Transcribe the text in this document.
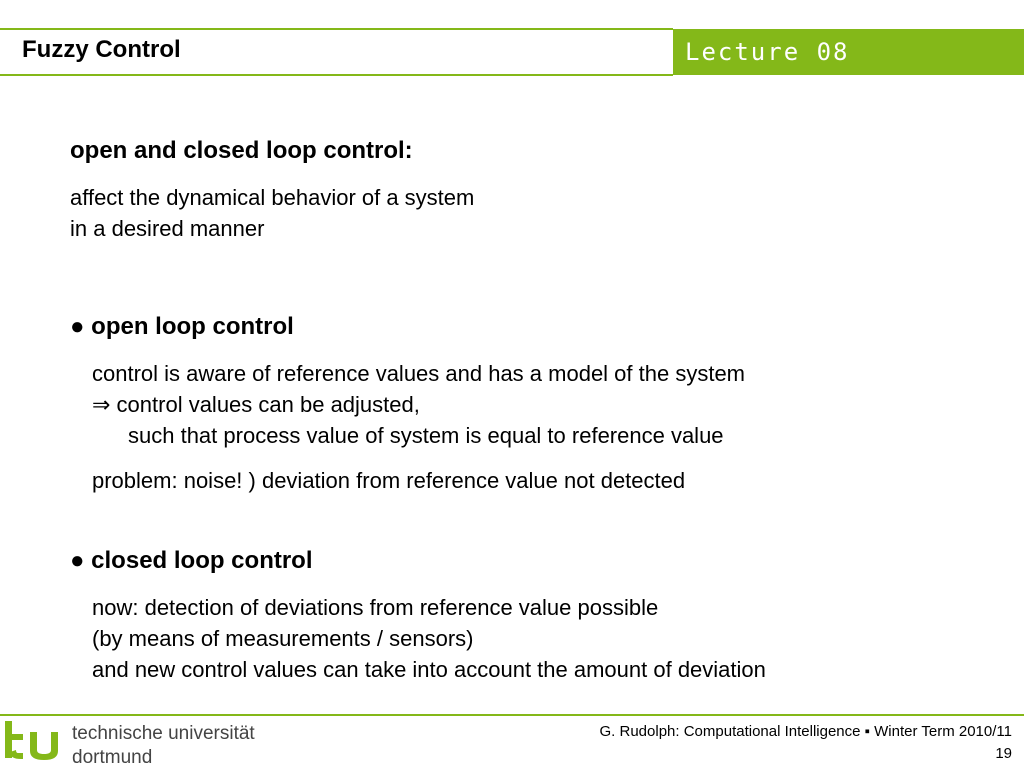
Fuzzy Control	Lecture 08
open and closed loop control:
affect the dynamical behavior of a system
in a desired manner
● open loop control
control is aware of reference values and has a model of the system
⇒ control values can be adjusted,
such that process value of system is equal to reference value
problem: noise! ) deviation from reference value not detected
● closed loop control
now: detection of deviations from reference value possible
(by means of measurements / sensors)
and new control values can take into account the amount of deviation
technische universität
dortmund
G. Rudolph: Computational Intelligence ▪ Winter Term 2010/11
19
